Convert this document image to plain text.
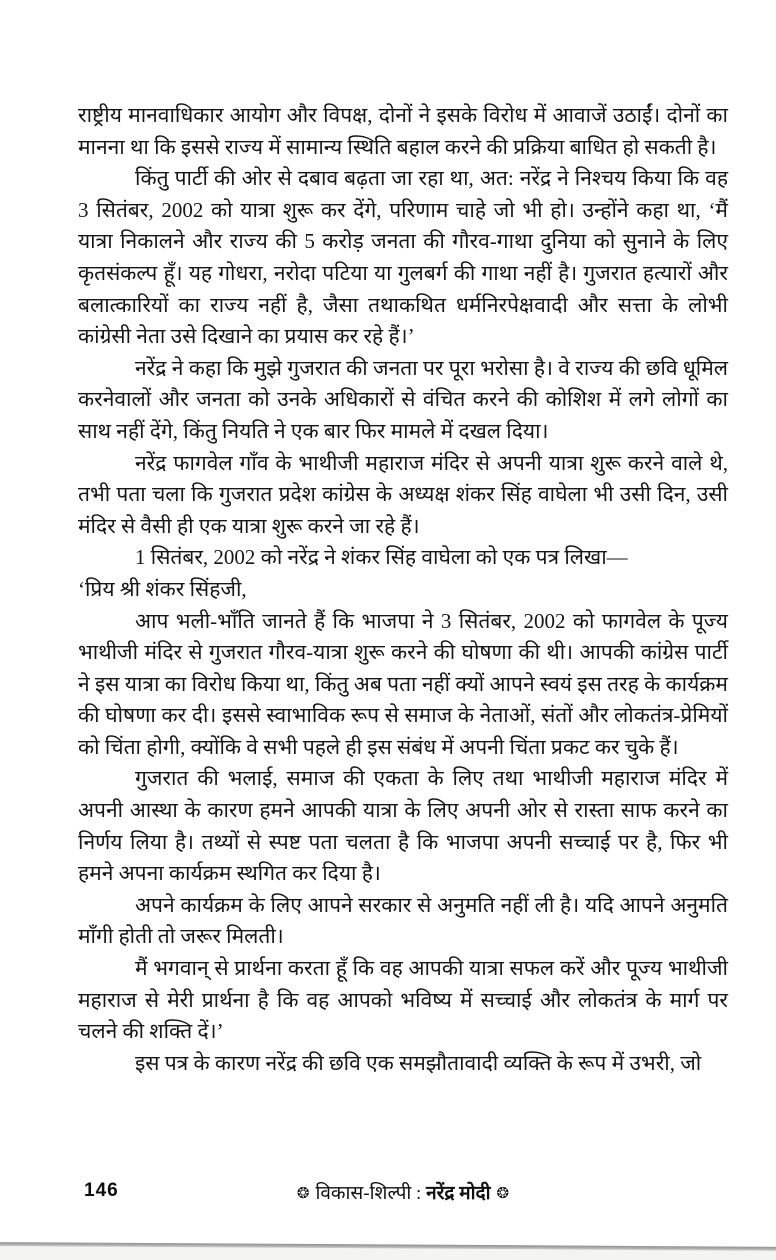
राष्ट्रीय मानवाधिकार आयोग और विपक्ष, दोनों ने इसके विरोध में आवाजें उठाईं। दोनों का मानना था कि इससे राज्य में सामान्य स्थिति बहाल करने की प्रक्रिया बाधित हो सकती है।

किंतु पार्टी की ओर से दबाव बढ़ता जा रहा था, अत: नरेंद्र ने निश्चय किया कि वह 3 सितंबर, 2002 को यात्रा शुरू कर देंगे, परिणाम चाहे जो भी हो। उन्होंने कहा था, ‘मैं यात्रा निकालने और राज्य की 5 करोड़ जनता की गौरव-गाथा दुनिया को सुनाने के लिए कृतसंकल्प हूँ। यह गोधरा, नरोदा पटिया या गुलबर्ग की गाथा नहीं है। गुजरात हत्यारों और बलात्कारियों का राज्य नहीं है, जैसा तथाकथित धर्मनिरपेक्षवादी और सत्ता के लोभी कांग्रेसी नेता उसे दिखाने का प्रयास कर रहे हैं।’

नरेंद्र ने कहा कि मुझे गुजरात की जनता पर पूरा भरोसा है। वे राज्य की छवि धूमिल करनेवालों और जनता को उनके अधिकारों से वंचित करने की कोशिश में लगे लोगों का साथ नहीं देंगे, किंतु नियति ने एक बार फिर मामले में दखल दिया।

नरेंद्र फागवेल गाँव के भाथीजी महाराज मंदिर से अपनी यात्रा शुरू करने वाले थे, तभी पता चला कि गुजरात प्रदेश कांग्रेस के अध्यक्ष शंकर सिंह वाघेला भी उसी दिन, उसी मंदिर से वैसी ही एक यात्रा शुरू करने जा रहे हैं।

1 सितंबर, 2002 को नरेंद्र ने शंकर सिंह वाघेला को एक पत्र लिखा—

‘प्रिय श्री शंकर सिंहजी,

आप भली-भाँति जानते हैं कि भाजपा ने 3 सितंबर, 2002 को फागवेल के पूज्य भाथीजी मंदिर से गुजरात गौरव-यात्रा शुरू करने की घोषणा की थी। आपकी कांग्रेस पार्टी ने इस यात्रा का विरोध किया था, किंतु अब पता नहीं क्यों आपने स्वयं इस तरह के कार्यक्रम की घोषणा कर दी। इससे स्वाभाविक रूप से समाज के नेताओं, संतों और लोकतंत्र-प्रेमियों को चिंता होगी, क्योंकि वे सभी पहले ही इस संबंध में अपनी चिंता प्रकट कर चुके हैं।

गुजरात की भलाई, समाज की एकता के लिए तथा भाथीजी महाराज मंदिर में अपनी आस्था के कारण हमने आपकी यात्रा के लिए अपनी ओर से रास्ता साफ करने का निर्णय लिया है। तथ्यों से स्पष्ट पता चलता है कि भाजपा अपनी सच्चाई पर है, फिर भी हमने अपना कार्यक्रम स्थगित कर दिया है।

अपने कार्यक्रम के लिए आपने सरकार से अनुमति नहीं ली है। यदि आपने अनुमति माँगी होती तो जरूर मिलती।

मैं भगवान् से प्रार्थना करता हूँ कि वह आपकी यात्रा सफल करें और पूज्य भाथीजी महाराज से मेरी प्रार्थना है कि वह आपको भविष्य में सच्चाई और लोकतंत्र के मार्ग पर चलने की शक्ति दें।’

इस पत्र के कारण नरेंद्र की छवि एक समझौतावादी व्यक्ति के रूप में उभरी, जो

146	❂ विकास-शिल्पी : नरेंद्र मोदी ❂
